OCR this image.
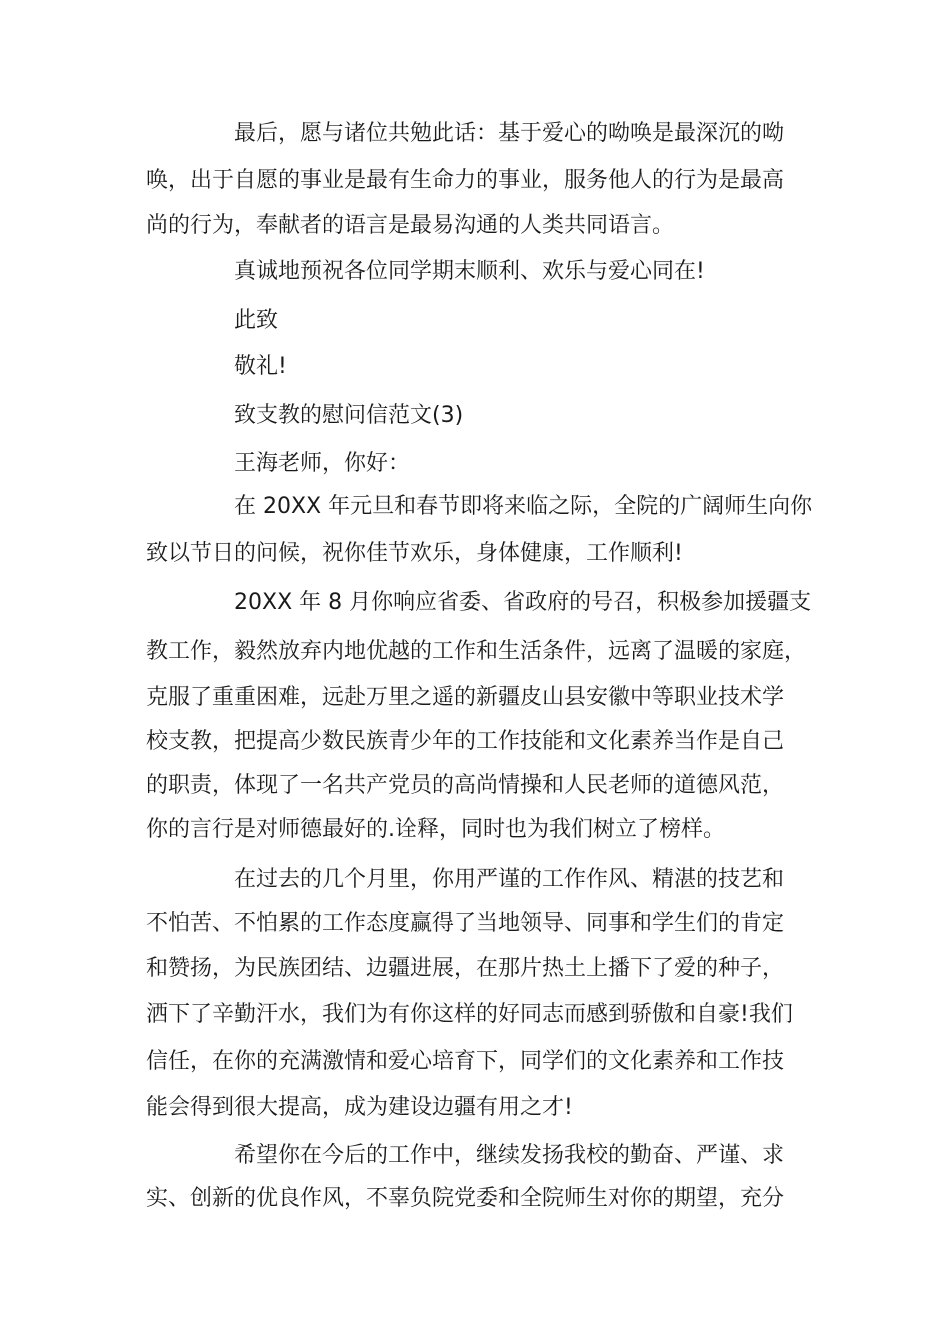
最后，愿与诸位共勉此话：基于爱心的呦唤是最深沉的呦
唤，出于自愿的事业是最有生命力的事业，服务他人的行为是最高
尚的行为，奉献者的语言是最易沟通的人类共同语言。
真诚地预祝各位同学期末顺利、欢乐与爱心同在!
此致
敬礼!
致支教的慰问信范文(3)
王海老师，你好：
在 20XX 年元旦和春节即将来临之际，全院的广阔师生向你
致以节日的问候，祝你佳节欢乐，身体健康，工作顺利!
20XX 年 8 月你响应省委、省政府的号召，积极参加援疆支
教工作，毅然放弃内地优越的工作和生活条件，远离了温暖的家庭，
克服了重重困难，远赴万里之遥的新疆皮山县安徽中等职业技术学
校支教，把提高少数民族青少年的工作技能和文化素养当作是自己
的职责，体现了一名共产党员的高尚情操和人民老师的道德风范，
你的言行是对师德最好的.诠释，同时也为我们树立了榜样。
在过去的几个月里，你用严谨的工作作风、精湛的技艺和
不怕苦、不怕累的工作态度赢得了当地领导、同事和学生们的肯定
和赞扬，为民族团结、边疆进展，在那片热土上播下了爱的种子，
洒下了辛勤汗水，我们为有你这样的好同志而感到骄傲和自豪!我们
信任，在你的充满激情和爱心培育下，同学们的文化素养和工作技
能会得到很大提高，成为建设边疆有用之才!
希望你在今后的工作中，继续发扬我校的勤奋、严谨、求
实、创新的优良作风，不辜负院党委和全院师生对你的期望，充分
